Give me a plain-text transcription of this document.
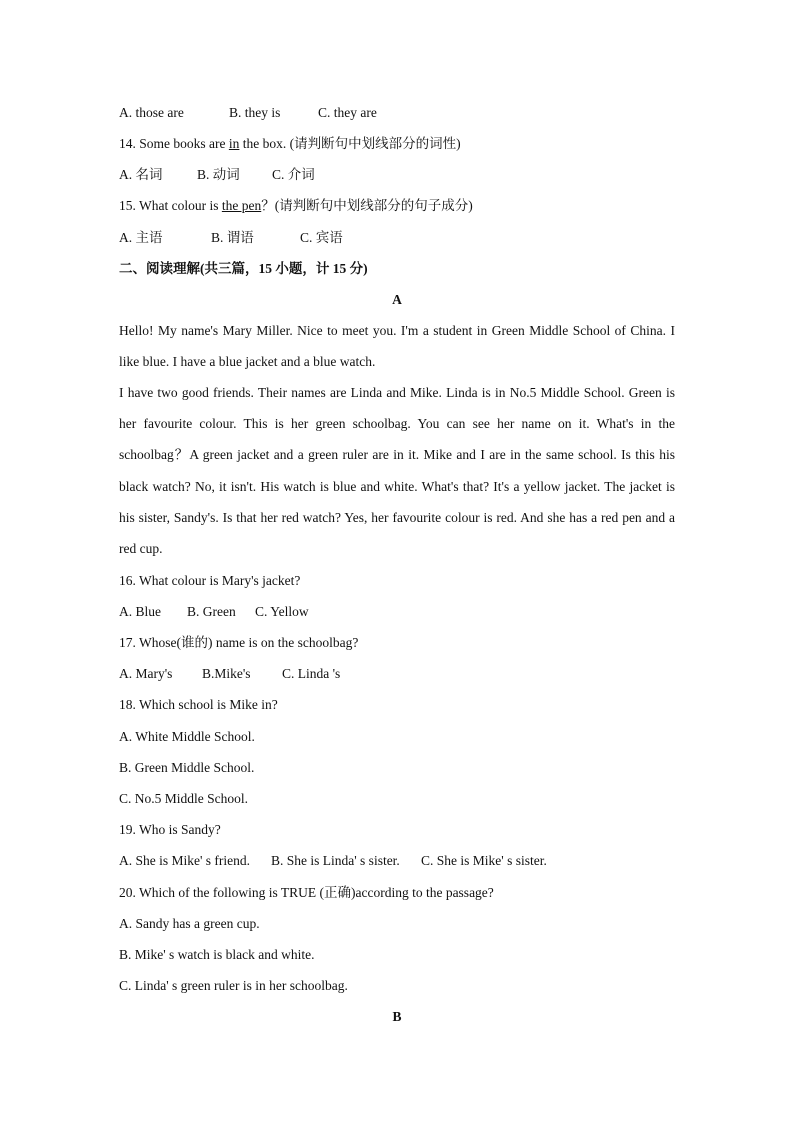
A. those are	B. they is	C. they are
14. Some books are in the box. (请判断句中划线部分的词性)
A. 名词	B. 动词 C. 介词
15. What colour is the pen？(请判断句中划线部分的句子成分)
A. 主语	B. 谓语	C. 宾语
二、阅读理解(共三篇，15 小题，计 15 分)
A
Hello! My name's Mary Miller. Nice to meet you. I'm a student in Green Middle School of China. I like blue. I have a blue jacket and a blue watch.
I have two good friends. Their names are Linda and Mike. Linda is in No.5 Middle School. Green is her favourite colour. This is her green schoolbag. You can see her name on it. What's in the schoolbag？A green jacket and a green ruler are in it. Mike and I are in the same school. Is this his black watch? No, it isn't. His watch is blue and white. What's that? It's a yellow jacket. The jacket is his sister, Sandy's. Is that her red watch? Yes, her favourite colour is red. And she has a red pen and a red cup.
16. What colour is Mary's jacket?
A. Blue B. Green C. Yellow
17. Whose(谁的) name is on the schoolbag?
A. Mary's B.Mike's C. Linda 's
18. Which school is Mike in?
A. White Middle School.
B. Green Middle School.
C. No.5 Middle School.
19. Who is Sandy?
A. She is Mike' s friend. B. She is Linda' s sister. C. She is Mike' s sister.
20. Which of the following is TRUE (正确)according to the passage?
A. Sandy has a green cup.
B. Mike' s watch is black and white.
C. Linda' s green ruler is in her schoolbag.
B
